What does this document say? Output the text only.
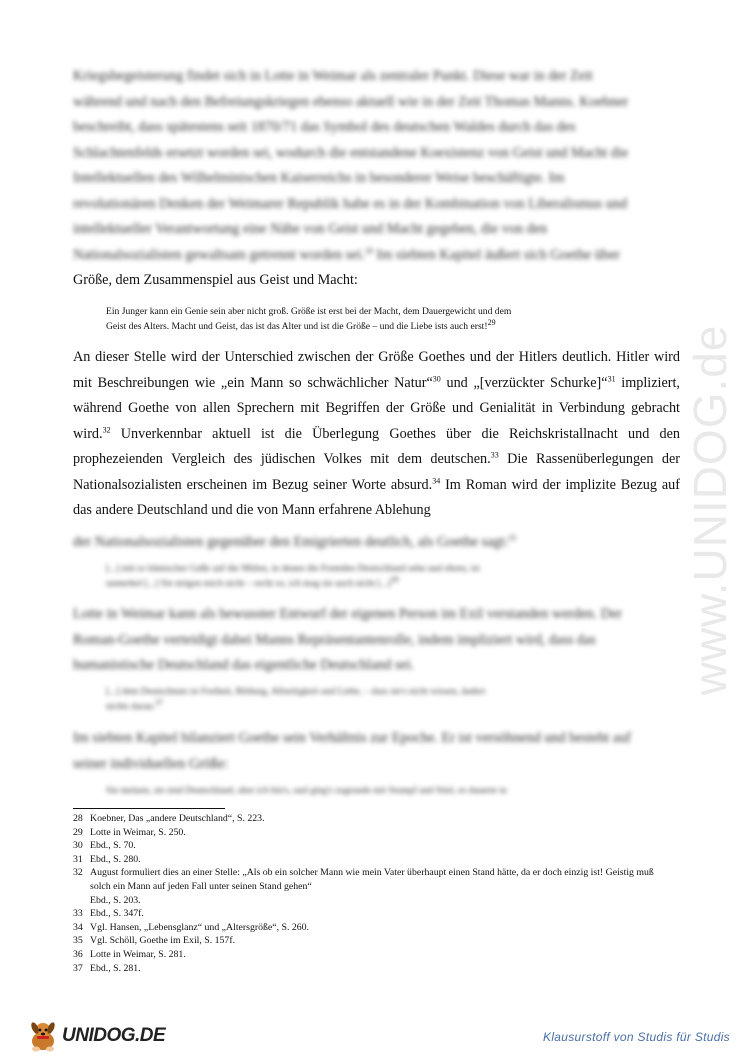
www.UNIDOG.de
Kriegsbegeisterung findet sich in Lotte in Weimar als zentraler Punkt. Diese war in der Zeit
während und nach den Befreiungskriegen ebenso aktuell wie in der Zeit Thomas Manns. Koebner
beschreibt, dass spätestens seit 1870/71 das Symbol des deutschen Waldes durch das des
Schlachtenfelds ersetzt worden sei, wodurch die entstandene Koexistenz von Geist und Macht die
Intellektuellen des Wilhelminischen Kaiserreichs in besonderer Weise beschäftigte. Im
revolutionären Denken der Weimarer Republik habe es in der Kombination von Liberalismus und
intellektueller Verantwortung eine Nähe von Geist und Macht gegeben, die von den
Nationalsozialisten gewaltsam getrennt worden sei.$^{28}$ Im siebten Kapitel äußert sich Goethe über
Größe, dem Zusammenspiel aus Geist und Macht:
Ein Junger kann ein Genie sein aber nicht groß. Größe ist erst bei der Macht, dem Dauergewicht und dem
Geist des Alters. Macht und Geist, das ist das Alter und ist die Größe – und die Liebe ists auch erst!$^{29}$

An dieser Stelle wird der Unterschied zwischen der Größe Goethes und der Hitlers deutlich. Hitler wird mit Beschreibungen wie „ein Mann so schwächlicher Natur“$^{30}$ und „[verzückter Schurke]“$^{31}$ impliziert, während Goethe von allen Sprechern mit Begriffen der Größe und Genialität in Verbindung gebracht wird.$^{32}$ Unverkennbar aktuell ist die Überlegung Goethes über die Reichskristallnacht und den prophezeienden Vergleich des jüdischen Volkes mit dem deutschen.$^{33}$ Die Rassenüberlegungen der Nationalsozialisten erscheinen im Bezug seiner Worte absurd.$^{34}$ Im Roman wird der implizite Bezug auf das andere Deutschland und die von Mann erfahrene Ablehung

der Nationalsozialisten gegenüber den Emigrierten deutlich, als Goethe sagt:$^{35}$
[...] mit so hämischer Geße auf die Mitlen, in denen die Fremden Deutschland sehn und ehren, ist
unmerkel [...] Sie mögen mich nicht – recht so, ich mag sie auch nicht [...]$^{36}$
Lotte in Weimar kann als bewusster Entwurf der eigenen Person im Exil verstanden werden. Der
Roman-Goethe verteidigt dabei Manns Repräsentantenrolle, indem impliziert wird, dass das
humanistische Deutschland das eigentliche Deutschland sei.
[...] dem Deutschtum ist Freiheit, Bildung, Allseitigkeit und Liebe, – dass sie's nicht wissen, ändert
nichts daran.$^{37}$
Im siebten Kapitel bilanziert Goethe sein Verhältnis zur Epoche. Er ist versöhnend und besteht auf
seiner individuellen Größe:
Sie meinen, sie sind Deutschland, aber ich bin's, und ging's zugrunde mit Stumpf und Stiel, es dauerte in
28 Koebner, Das „andere Deutschland“, S. 223.
29 Lotte in Weimar, S. 250.
30 Ebd., S. 70.
31 Ebd., S. 280.
32 August formuliert dies an einer Stelle: „Als ob ein solcher Mann wie mein Vater überhaupt einen Stand hätte, da er doch einzig ist! Geistig muß solch ein Mann auf jeden Fall unter seinen Stand gehen“
Ebd., S. 203.
33 Ebd., S. 347f.
34 Vgl. Hansen, „Lebensglanz“ und „Altersgröße“, S. 260.
35 Vgl. Schöll, Goethe im Exil, S. 157f.
36 Lotte in Weimar, S. 281.
37 Ebd., S. 281.
UNIDOG.DE	Klausurstoff von Studis für Studis
